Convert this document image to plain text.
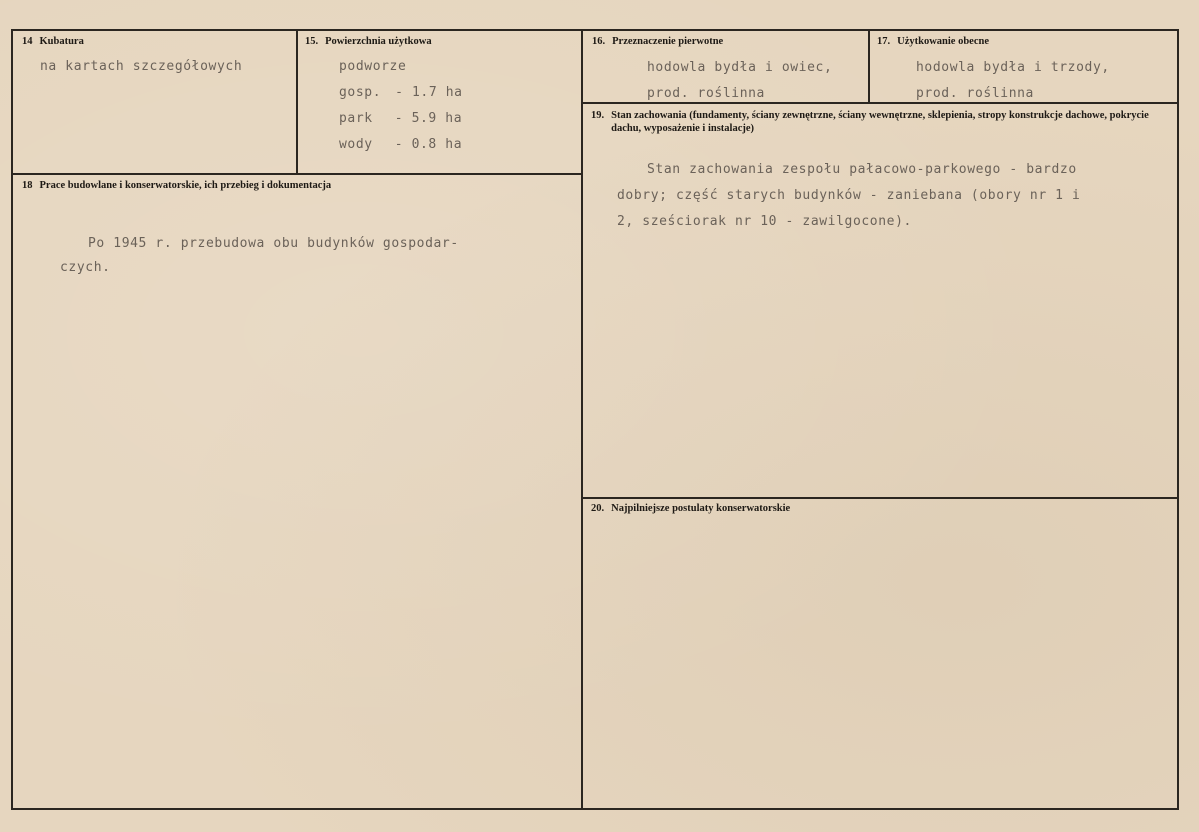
14 Kubatura
na kartach szczegółowych
15. Powierzchnia użytkowa
podworze
gosp. - 1.7 ha
park - 5.9 ha
wody - 0.8 ha
16. Przeznaczenie pierwotne
hodowla bydła i owiec,
prod. roślinna
17. Użytkowanie obecne
hodowla bydła i trzody,
prod. roślinna
18 Prace budowlane i konserwatorskie, ich przebieg i dokumentacja
Po 1945 r. przebudowa obu budynków gospodar-
czych.
19. Stan zachowania (fundamenty, ściany zewnętrzne, ściany wewnętrzne, sklepienia, stropy konstrukcje dachowe, pokrycie dachu, wyposażenie i instalacje)
Stan zachowania zespołu pałacowo-parkowego - bardzo
dobry; część starych budynków - zaniebana (obory nr 1 i
2, sześciorak nr 10 - zawilgocone).
20. Najpilniejsze postulaty konserwatorskie
